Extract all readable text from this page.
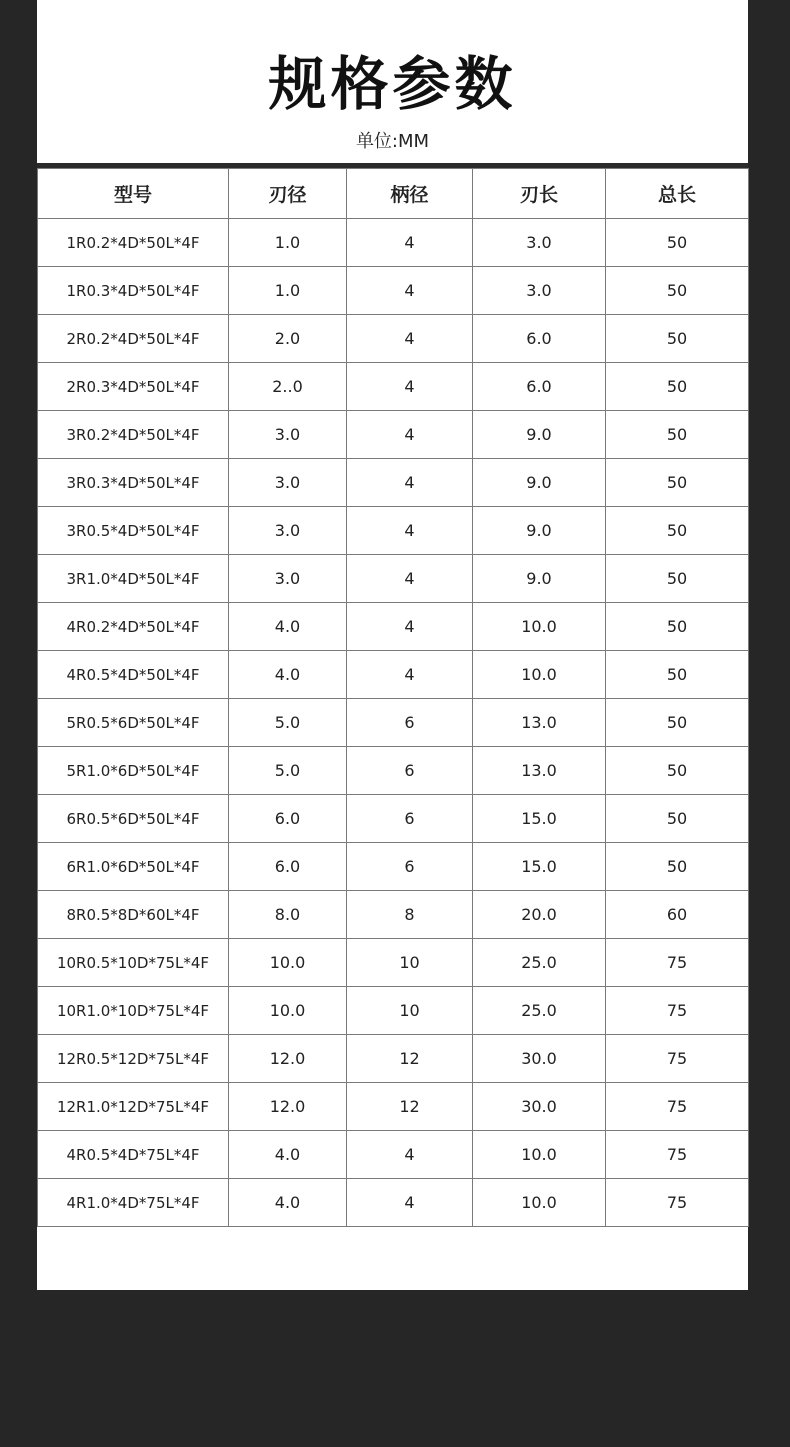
规格参数
单位:MM
型号	刃径	柄径	刃长	总长
1R0.2*4D*50L*4F	1.0	4	3.0	50
1R0.3*4D*50L*4F	1.0	4	3.0	50
2R0.2*4D*50L*4F	2.0	4	6.0	50
2R0.3*4D*50L*4F	2..0	4	6.0	50
3R0.2*4D*50L*4F	3.0	4	9.0	50
3R0.3*4D*50L*4F	3.0	4	9.0	50
3R0.5*4D*50L*4F	3.0	4	9.0	50
3R1.0*4D*50L*4F	3.0	4	9.0	50
4R0.2*4D*50L*4F	4.0	4	10.0	50
4R0.5*4D*50L*4F	4.0	4	10.0	50
5R0.5*6D*50L*4F	5.0	6	13.0	50
5R1.0*6D*50L*4F	5.0	6	13.0	50
6R0.5*6D*50L*4F	6.0	6	15.0	50
6R1.0*6D*50L*4F	6.0	6	15.0	50
8R0.5*8D*60L*4F	8.0	8	20.0	60
10R0.5*10D*75L*4F	10.0	10	25.0	75
10R1.0*10D*75L*4F	10.0	10	25.0	75
12R0.5*12D*75L*4F	12.0	12	30.0	75
12R1.0*12D*75L*4F	12.0	12	30.0	75
4R0.5*4D*75L*4F	4.0	4	10.0	75
4R1.0*4D*75L*4F	4.0	4	10.0	75
